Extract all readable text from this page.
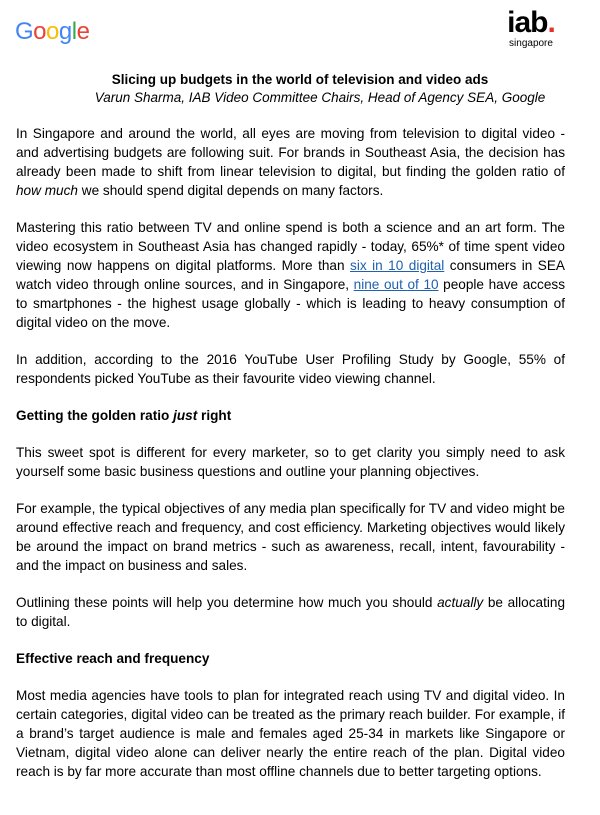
Google	iab.
singapore
Slicing up budgets in the world of television and video ads
Varun Sharma, IAB Video Committee Chairs, Head of Agency SEA, Google

In Singapore and around the world, all eyes are moving from television to digital video - and advertising budgets are following suit. For brands in Southeast Asia, the decision has already been made to shift from linear television to digital, but finding the golden ratio of how much we should spend digital depends on many factors.

Mastering this ratio between TV and online spend is both a science and an art form. The video ecosystem in Southeast Asia has changed rapidly - today, 65%* of time spent video viewing now happens on digital platforms. More than six in 10 digital consumers in SEA watch video through online sources, and in Singapore, nine out of 10 people have access to smartphones - the highest usage globally - which is leading to heavy consumption of digital video on the move.

In addition, according to the 2016 YouTube User Profiling Study by Google, 55% of respondents picked YouTube as their favourite video viewing channel.

Getting the golden ratio just right

This sweet spot is different for every marketer, so to get clarity you simply need to ask yourself some basic business questions and outline your planning objectives.

For example, the typical objectives of any media plan specifically for TV and video might be around effective reach and frequency, and cost efficiency. Marketing objectives would likely be around the impact on brand metrics - such as awareness, recall, intent, favourability - and the impact on business and sales.

Outlining these points will help you determine how much you should actually be allocating to digital.

Effective reach and frequency

Most media agencies have tools to plan for integrated reach using TV and digital video. In certain categories, digital video can be treated as the primary reach builder. For example, if a brand’s target audience is male and females aged 25-34 in markets like Singapore or Vietnam, digital video alone can deliver nearly the entire reach of the plan. Digital video reach is by far more accurate than most offline channels due to better targeting options.
